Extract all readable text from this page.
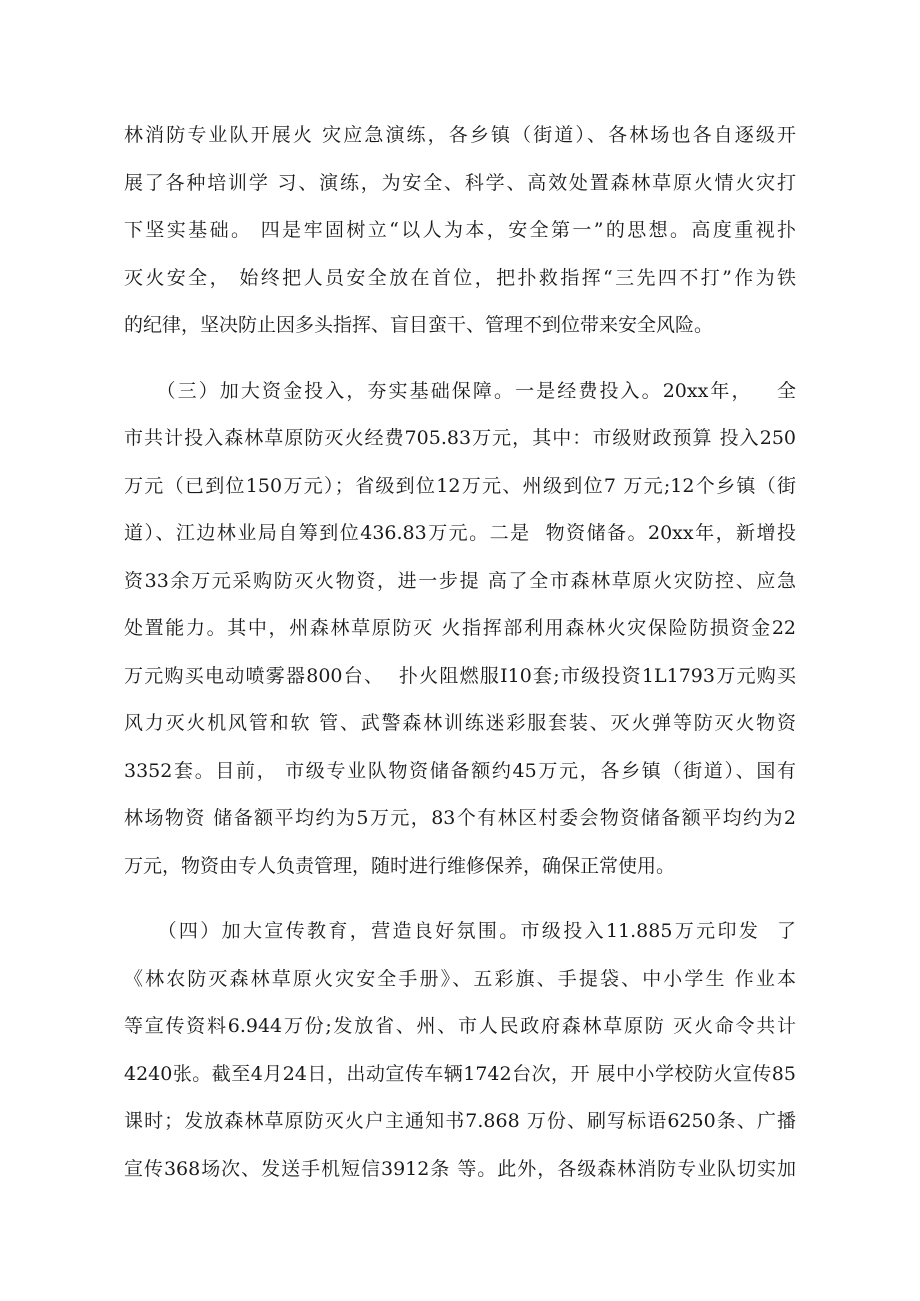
林消防专业队开展火 灾应急演练，各乡镇（街道）、各林场也各自逐级开
展了各种培训学 习、演练，为安全、科学、高效处置森林草原火情火灾打
下坚实基础。 四是牢固树立“以人为本，安全第一”的思想。高度重视扑
灭火安全， 始终把人员安全放在首位，把扑救指挥“三先四不打”作为铁
的纪律，坚决防止因多头指挥、盲目蛮干、管理不到位带来安全风险。
（三）加大资金投入，夯实基础保障。一是经费投入。20xx年，   全
市共计投入森林草原防灭火经费705.83万元，其中：市级财政预算 投入250
万元（已到位150万元）；省级到位12万元、州级到位7 万元;12个乡镇（街
道）、江边林业局自筹到位436.83万元。二是  物资储备。20xx年，新增投
资33余万元采购防灭火物资，进一步提 高了全市森林草原火灾防控、应急
处置能力。其中，州森林草原防灭 火指挥部利用森林火灾保险防损资金22
万元购买电动喷雾器800台、  扑火阻燃服I10套;市级投资1L1793万元购买
风力灭火机风管和软 管、武警森林训练迷彩服套装、灭火弹等防灭火物资
3352套。目前， 市级专业队物资储备额约45万元，各乡镇（街道）、国有
林场物资 储备额平均约为5万元，83个有林区村委会物资储备额平均约为2
万元，物资由专人负责管理，随时进行维修保养，确保正常使用。
（四）加大宣传教育，营造良好氛围。市级投入11.885万元印发  了
《林农防灭森林草原火灾安全手册》、五彩旗、手提袋、中小学生 作业本
等宣传资料6.944万份;发放省、州、市人民政府森林草原防 灭火命令共计
4240张。截至4月24日，出动宣传车辆1742台次，开 展中小学校防火宣传85
课时；发放森林草原防灭火户主通知书7.868 万份、刷写标语6250条、广播
宣传368场次、发送手机短信3912条 等。此外，各级森林消防专业队切实加
